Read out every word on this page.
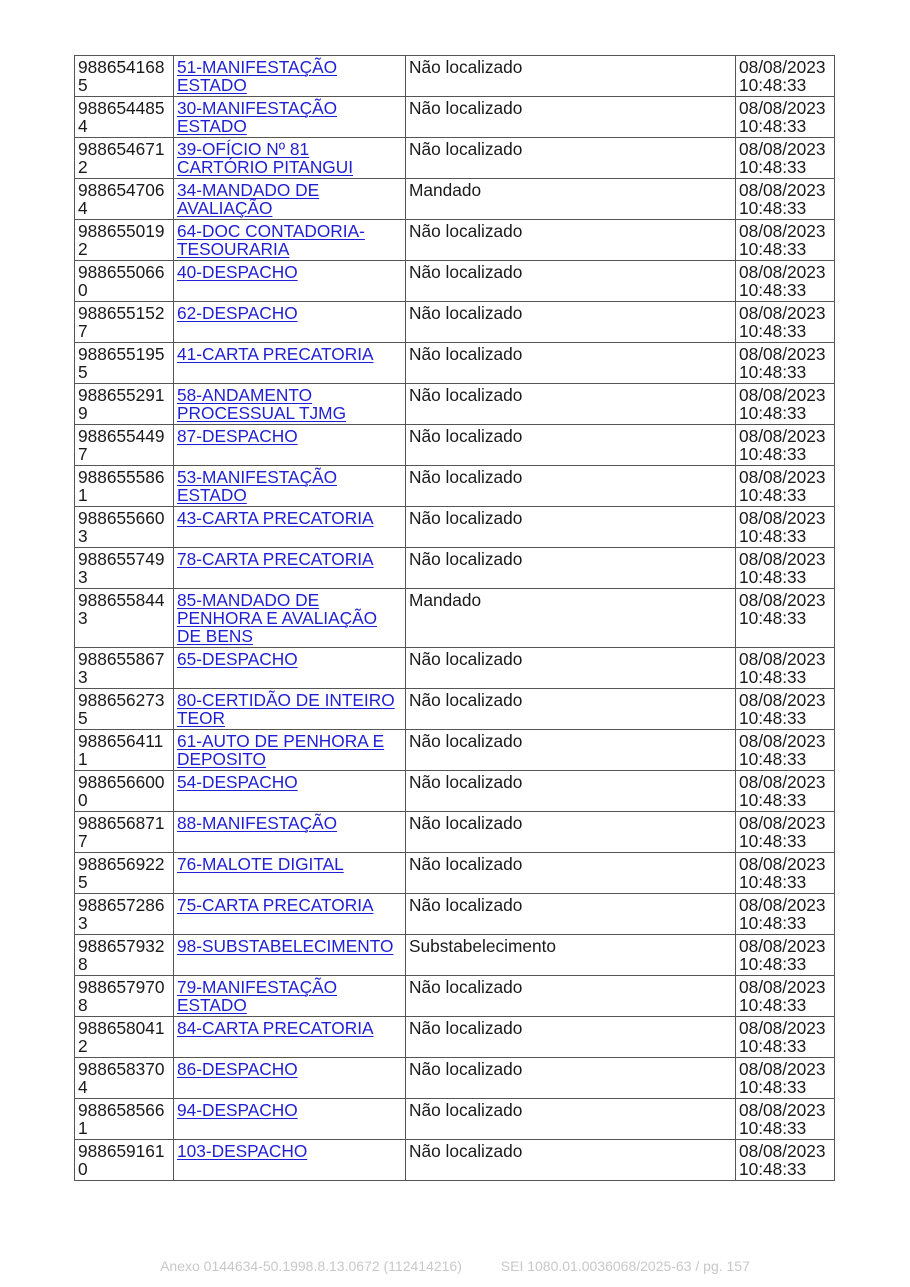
9886541685	51-MANIFESTAÇÃO ESTADO	Não localizado	08/08/2023
10:48:33

9886544854	30-MANIFESTAÇÃO ESTADO	Não localizado	08/08/2023
10:48:33

9886546712	39-OFÍCIO Nº 81 CARTÓRIO PITANGUI	Não localizado	08/08/2023
10:48:33

9886547064	34-MANDADO DE AVALIAÇÃO	Mandado	08/08/2023
10:48:33

9886550192	64-DOC CONTADORIA-TESOURARIA	Não localizado	08/08/2023
10:48:33

9886550660	40-DESPACHO	Não localizado	08/08/2023
10:48:33

9886551527	62-DESPACHO	Não localizado	08/08/2023
10:48:33

9886551955	41-CARTA PRECATORIA	Não localizado	08/08/2023
10:48:33

9886552919	58-ANDAMENTO PROCESSUAL TJMG	Não localizado	08/08/2023
10:48:33

9886554497	87-DESPACHO	Não localizado	08/08/2023
10:48:33

9886555861	53-MANIFESTAÇÃO ESTADO	Não localizado	08/08/2023
10:48:33

9886556603	43-CARTA PRECATORIA	Não localizado	08/08/2023
10:48:33

9886557493	78-CARTA PRECATORIA	Não localizado	08/08/2023
10:48:33

9886558443	85-MANDADO DE PENHORA E AVALIAÇÃO DE BENS	Mandado	08/08/2023
10:48:33

9886558673	65-DESPACHO	Não localizado	08/08/2023
10:48:33

9886562735	80-CERTIDÃO DE INTEIRO TEOR	Não localizado	08/08/2023
10:48:33

9886564111	61-AUTO DE PENHORA E DEPOSITO	Não localizado	08/08/2023
10:48:33

9886566000	54-DESPACHO	Não localizado	08/08/2023
10:48:33

9886568717	88-MANIFESTAÇÃO	Não localizado	08/08/2023
10:48:33

9886569225	76-MALOTE DIGITAL	Não localizado	08/08/2023
10:48:33

9886572863	75-CARTA PRECATORIA	Não localizado	08/08/2023
10:48:33

9886579328	98-SUBSTABELECIMENTO	Substabelecimento	08/08/2023
10:48:33

9886579708	79-MANIFESTAÇÃO ESTADO	Não localizado	08/08/2023
10:48:33

9886580412	84-CARTA PRECATORIA	Não localizado	08/08/2023
10:48:33

9886583704	86-DESPACHO	Não localizado	08/08/2023
10:48:33

9886585661	94-DESPACHO	Não localizado	08/08/2023
10:48:33

9886591610	103-DESPACHO	Não localizado	08/08/2023
10:48:33
Anexo 0144634-50.1998.8.13.0672 (112414216)	SEI 1080.01.0036068/2025-63 / pg. 157
